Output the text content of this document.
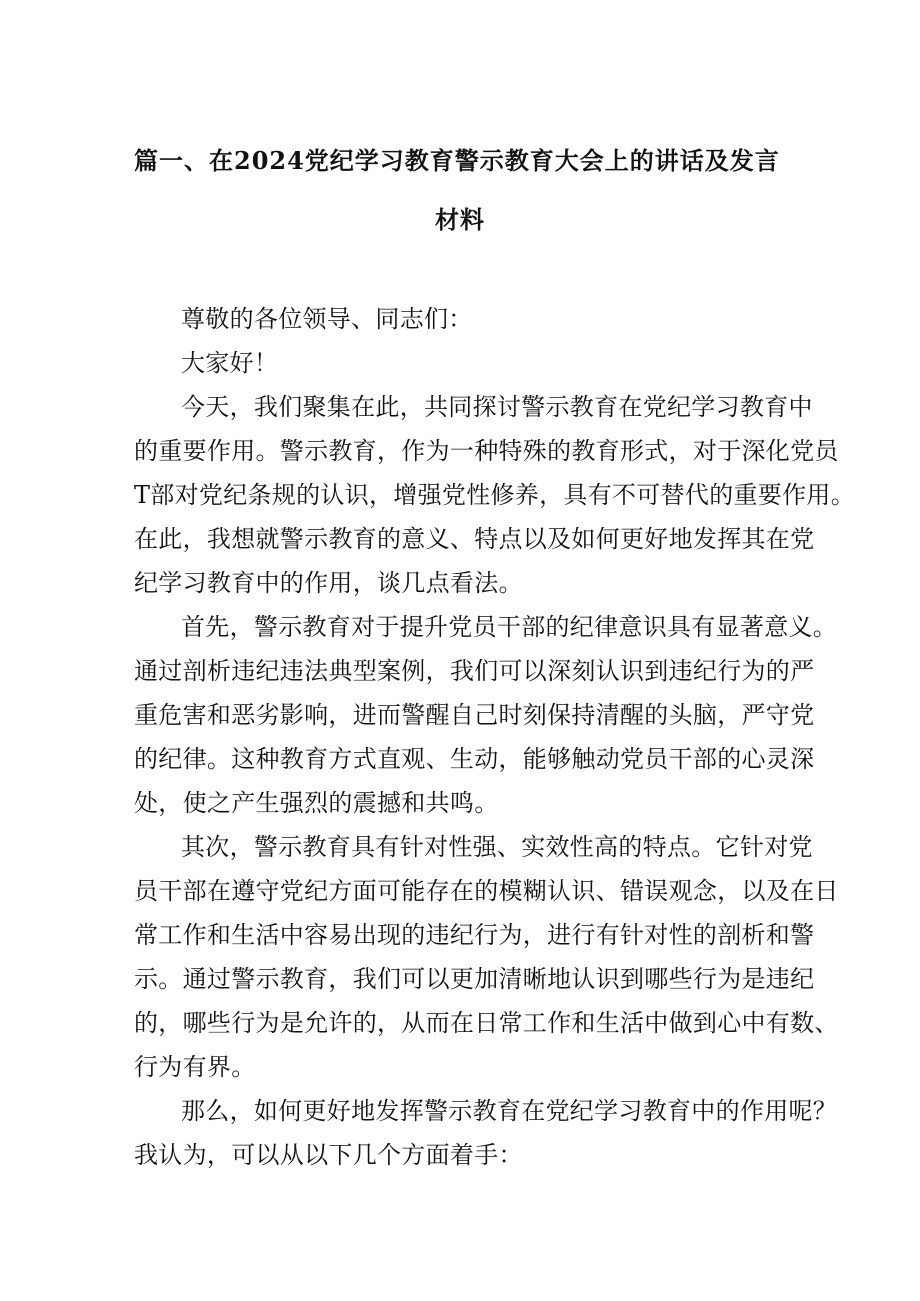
篇一、在2024党纪学习教育警示教育大会上的讲话及发言
材料
尊敬的各位领导、同志们：
大家好！
今天，我们聚集在此，共同探讨警示教育在党纪学习教育中
的重要作用。警示教育，作为一种特殊的教育形式，对于深化党员
T部对党纪条规的认识，增强党性修养，具有不可替代的重要作用。
在此，我想就警示教育的意义、特点以及如何更好地发挥其在党
纪学习教育中的作用，谈几点看法。
首先，警示教育对于提升党员干部的纪律意识具有显著意义。
通过剖析违纪违法典型案例，我们可以深刻认识到违纪行为的严
重危害和恶劣影响，进而警醒自己时刻保持清醒的头脑，严守党
的纪律。这种教育方式直观、生动，能够触动党员干部的心灵深
处，使之产生强烈的震撼和共鸣。
其次，警示教育具有针对性强、实效性高的特点。它针对党
员干部在遵守党纪方面可能存在的模糊认识、错误观念，以及在日
常工作和生活中容易出现的违纪行为，进行有针对性的剖析和警
示。通过警示教育，我们可以更加清晰地认识到哪些行为是违纪
的，哪些行为是允许的，从而在日常工作和生活中做到心中有数、
行为有界。
那么，如何更好地发挥警示教育在党纪学习教育中的作用呢？
我认为，可以从以下几个方面着手：
